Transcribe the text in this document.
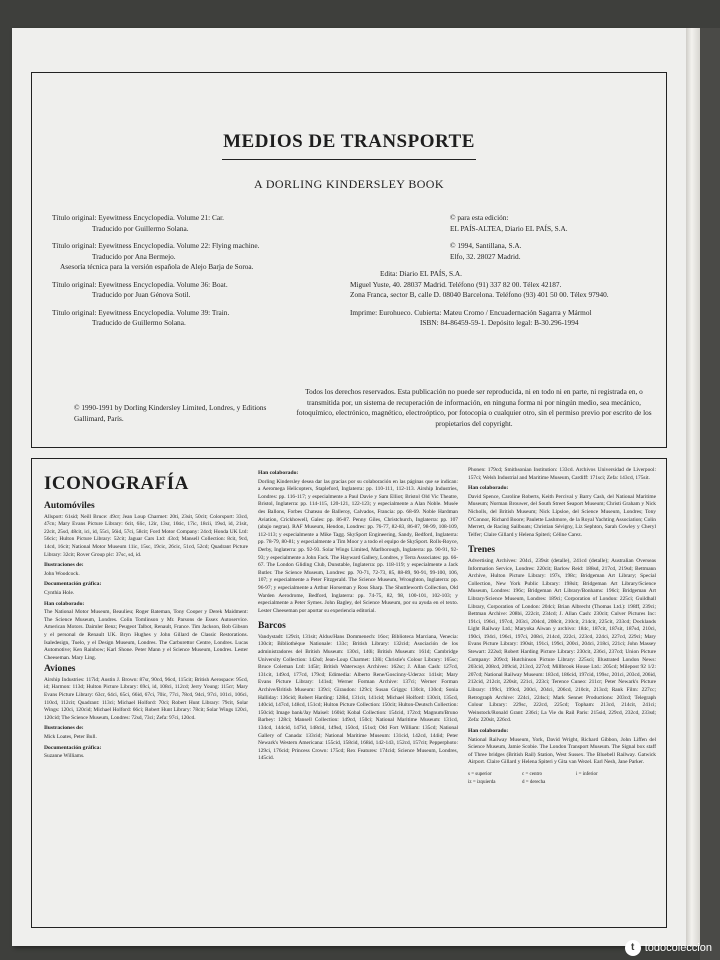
MEDIOS DE TRANSPORTE
A DORLING KINDERSLEY BOOK

Título original: Eyewitness Encyclopedia. Volume 21: Car.
Traducido por Guillermo Solana.

Título original: Eyewitness Encyclopedia. Volume 22: Flying machine.
Traducido por Ana Bermejo.
Asesoría técnica para la versión española de Alejo Barja de Soroa.

Título original: Eyewitness Encyclopedia. Volume 36: Boat.
Traducido por Juan Génova Sotil.

Título original: Eyewitness Encyclopedia. Volume 39: Train.
Traducido de Guillermo Solana.

© para esta edición:

EL PAÍS-ALTEA, Diario EL PAÍS, S.A.

© 1994, Santillana, S.A.

Elfo, 32. 28027 Madrid.

Edita: Diario EL PAÍS, S.A.

Miguel Yuste, 40. 28037 Madrid. Teléfono (91) 337 82 00. Télex 42187.

Zona Franca, sector B, calle D. 08040 Barcelona. Teléfono (93) 401 50 00. Télex 97940.

Imprime: Eurohueco. Cubierta: Mateu Cromo / Encuadernación Sagarra y Mármol

ISBN: 84-86459-59-1. Depósito legal: B-30.296-1994

© 1990-1991 by Dorling Kindersley Limited, Londres, y Editions Gallimard, París.
Todos los derechos reservados. Esta publicación no puede ser reproducida, ni en todo ni en parte, ni registrada en, o transmitida por, un sistema de recuperación de información, en ninguna forma ni por ningún medio, sea mecánico, fotoquímico, electrónico, magnético, electroóptico, por fotocopia o cualquier otro, sin el permiso previo por escrito de los propietarios del copyright.
ICONOGRAFÍA
Automóviles

Allsport: 61sid; Neill Bruce: 49cr; Jean Loup Charmet: 20ti, 23sit, 50cit; Colorsport: 33cd, 47cn; Mary Evans Picture Library: 6cit, 6lic, 12ir, 13sr, 16tic, 17ic, 18cii, 19sd, id, 21sit, 22cit, 25sd, 48cit, ici, id, 55ci, 56id, 57ci, 58cit; Ford Motor Company: 24cd; Honda UK Ltd: 56cic; Hulton Picture Library: 52cit; Jaguar Cars Ltd: 43cd; Mansell Collection: 8cit, 9cd, 14cd, 16cit; National Motor Museum 11ic, 15sc, 19cic, 26cic, 51cd, 52cd; Quadrant Picture Library: 32cit; Rover Group plc: 37sc, sd, id.

Ilustraciones de:

John Woodcock.

Documentación gráfica:

Cynthia Hole.

Han colaborado:

The National Motor Museum, Beaulieu; Roger Bateman, Tony Cooper y Derek Maidment: The Science Museum, Londres. Colin Tomlinson y Mr. Parsons de Essex Autoservice. American Motors. Daimler Benz; Peugeot Talbot, Renault, France. Tim Jackson, Bob Gibson y el personal de Renault UK. Bryn Hughes y John Gillard de Classic Restorations. Isaledesign, Tuelo, y el Design Museum, Londres. The Carburettor Centre, Londres. Lucas Automotive; Ken Rainbow; Karl Shone. Peter Mann y el Science Museum, Londres. Lester Cheeseman. Mary Ling.

Aviones

Airship Industries: 117id; Austin J. Brown: 87sr, 90cd, 96cd, 115cit; British Aerospace: 95cd, id; Harmon: 113d; Hulton Picture Library: 69ci, id, 108ci, 112cd; Jerry Young: 115cr; Mary Evans Picture Library: 63cr, 64ci, 65ci, 66id, 67ci, 70ic, 77ci, 78cd, 94ci, 97ci, 101ci, 106ci, 110cd, 112cit; Quadrant: 113ci; Michael Holford: 70ci; Robert Hunt Library: 79cit, Solar Wings: 120ci, 120cid; Michael Holford: 66ci; Robert Hunt Library: 78cit; Solar Wings 120ci, 120cid; The Science Museum, Londres: 72sd, 73ci; Zefa: 97ci, 120cd.

Ilustraciones de:

Mick Loates, Peter Bull.

Documentación gráfica:

Suzanne Williams.

Han colaborado:

Dorling Kindersley desea dar las gracias por su colaboración en las páginas que se indican: a Aeromega Helicopters, Stapleford, Inglaterra: pp. 110-111, 112-113. Airship Industries, Londres: pp. 116-117; y especialmente a Paul Davie y Sam Elliot; Bristol Old Vic Theatre, Bristol, Inglaterra: pp. 114-115, 120-121, 122-123; y especialmente a Alan Noble. Musée des Ballons, Forbes Chateau de Balleroy, Calvados, Francia: pp. 68-69. Noble Hardman Aviation, Crickhowell, Gales: pp. 86-87. Penny Giles, Christchurch, Inglaterra: pp. 107 (abajo negras). RAF Museum, Hendon, Londres: pp. 76-77, 82-83, 86-87, 98-99, 108-109, 112-113; y especialmente a Mike Tagg. SkySport Engineering, Sandy, Bedford, Inglaterra: pp. 78-79, 80-81; y especialmente a Tim Moor y a todo el equipo de SkySport. Rolls-Royce, Derby, Inglaterra: pp. 92-93. Solar Wings Limited, Marlborough, Inglaterra: pp. 90-91, 92-93; y especialmente a John Fack. The Hayward Gallery, Londres, y Terra Associates: pp. 66-67. The London Gliding Club, Dunstable, Inglaterra: pp. 118-119; y especialmente a Jack Butler. The Science Museum, Londres: pp. 70-71, 72-73, 85, 88-89, 90-91, 99-100, 106, 107; y especialmente a Peter Fitzgerald. The Science Museum, Wroughton, Inglaterra: pp. 96-97; y especialmente a Arthur Horseman y Ross Sharp. The Shuttleworth Collection, Old Warden Aerodrome, Bedford, Inglaterra: pp. 74-75, 82, 98, 100-101, 102-103; y especialmente a Peter Symes. John Bagley, del Science Museum, por su ayuda en el texto. Lester Cheeseman por aportar su experiencia editorial.

Barcos

Vandystadt: 129cit, 131sit; Aldus/Hans Dommenech: 16oc; Biblioteca Marciana, Venecia: 130cit; Bibliothèque Nationale: 133c; British Library: 132cid; Asociación de los administradores del British Museum: 130ci, 140i; British Museum: 161d; Cambridge University Collection: 142sd; Jean-Loup Charmet: 138i; Christie's Colour Library: 165sc; Bruce Coleman Ltd: 145ir; British Waterways Archives: 162sc; J. Allan Cash: 127cd, 131cit, 149cd, 177cd, 179cd; Edimedia: Alberto Rene/Goscinny-Uderzo: 141sit; Mary Evans Picture Library: 141sd; Werner Forman Archive: 137ci; Werner Forman Archive/British Museum: 139ci; Giraudon: 129ci; Susan Griggs: 130cit, 130cd; Sonia Halliday: 136cid; Robert Harding: 128id, 131cit, 141cid; Michael Holford: 130cit, 135cd, 140cid, 147cd, 148cd, 151cd; Hulton Picture Collection: 150cit; Hulton-Deutsch Collection: 150cid; Image bank/Jay Maisel: 160id; Kobal Collection: 154cid, 172cd; Magnum/Bruno Barbey: 128ci; Mansell Collection: 149cd, 150ci; National Maritime Museum: 131cd, 134cd, 144cid, 147id, 148cid, 149sd, 150cd, 151sd; Old Fort William: 135cd; National Gallery of Canada: 133cid; National Maritime Museum: 131cid, 142cd, 144id; Peter Newark's Western Americana: 155cid, 158cid, 168id, 142-143, 152cd, 157cit; Pepperphoto: 129ci, 176cid; Princess Crown: 175cd; Rex Features: 174cid; Science Museum, Londres, 145cid.

Phonen: 179cd; Smithsonian Institution: 133cd. Archivos Universidad de Liverpool: 157ci; Welsh Industrial and Maritime Museum, Cardiff: 171sci; Zefa: 143cd, 175sit.

Han colaborado:

David Spence, Caroline Roberts, Keith Percival y Barry Cash, del National Maritime Museum; Norman Brouwer, del South Street Seaport Museum; Christi Graham y Nick Nicholls, del British Museum; Nick Lipsloe, del Science Museum, Londres; Tony O'Connor, Richard Boore; Paulette Lashmore, de la Royal Yachting Association; Colin Merrett, de Racing Sailboats; Christian Sévigny, Liz Sephton, Sarah Cowley y Cheryl Telfer; Claire Gillard y Helena Spiteri; Céline Carez.

Trenes

Advertising Archives: 204ci, 239sit (detalle), 241cd (detalle); Australian Overseas Information Service, Londres: 220cit; Barlow Reid: 188sd, 217cd, 219sd; Bettmann Archive, Hulton Picture Library: 197s, 198c; Bridgeman Art Library; Special Collection, New York Public Library: 198sit; Bridgeman Art Library/Science Museum, Londres: 196c; Bridgeman Art Library/Bonhams: 196ci; Bridgeman Art Library/Science Museum, Londres: 189ci; Corporation of London: 225ci; Guildhall Library, Corporation of London: 204ci; Brian Albrecht (Thomas Ltd.): 198ff, 239ci; Bettman Archive: 208bi, 222cit, 234cd; J. Allan Cash: 230cit; Culver Pictures Inc: 191ci, 196ci, 197cd, 203ci, 204cd, 208cit, 210cit, 214cit, 225cit, 233cd; Docklands Light Railway Ltd.; Maryoka Aiwan y archivo: 184c, 187cit, 187sit, 187sd, 210ci, 190ci, 194ci, 196ci, 197ci, 208ci, 214cd, 222ci, 223cd, 224ci, 227cd, 229ci; Mary Evans Picture Library: 190sit, 191ci, 199ci, 200ci, 204ci, 218ci, 221ci; John Massey Stewart: 222sd; Robert Harding Picture Library: 230cit, 236ci, 237cd; Union Picture Company: 209cd; Hutchinson Picture Library: 225sci; Illustrated London News: 203cid, 208cd, 209cid, 213cd, 227cd; Millbrook House Ltd.: 205cd; Milepost 92 1/2: 207cd; National Railway Museum: 183cd, 186cid, 197cid, 199sc, 201ci, 203cd, 206id, 212cid, 212cit, 220sit, 221ci, 223ci; Terence Cuneo: 211cr; Peter Newark's Picture Library: 199ci, 199cd, 200ci, 204ci, 206cd, 210cit, 213cd; Rank Film: 227cc; Retrograph Archive: 224ci, 224sci; Mark Sennet Productions: 203cd; Telegraph Colour Library: 229sc, 222cd, 225cd; Topham: 213cd, 214cit, 241ci; Weinstock/Ronald Grant: 236ci; La Vie du Rail Paris: 215sid, 229cd, 232cd, 233sd; Zefa: 220sit, 226cd.

Han colaborado:

National Railway Museum, York, David Wright, Richard Gibbon, John Liffen del Science Museum, Jamie Scobie. The London Transport Museum. The Signal box staff of Three bridges (British Rail) Station, West Sussex. The Bluebell Railway. Gatwick Airport. Claire Gillard y Helena Spiteri y Gita van Wezel. Earl Nesh, Jane Parker.

s = superior	c = centro	i = inferior
iz = izquierda	d = derecha
t todocoleccion
